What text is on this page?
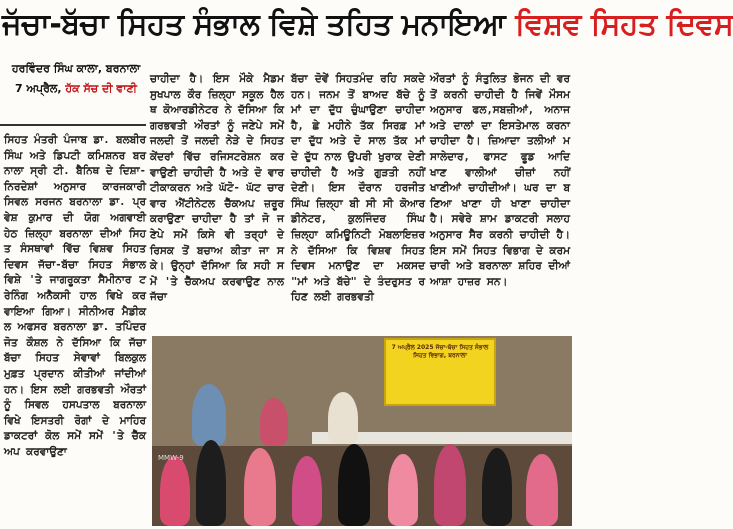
ਜੱਚਾ-ਬੱਚਾ ਸਿਹਤ ਸੰਭਾਲ ਵਿਸ਼ੇ ਤਹਿਤ ਮਨਾਇਆ ਵਿਸ਼ਵ ਸਿਹਤ ਦਿਵਸ
ਹਰਵਿੰਦਰ ਸਿੰਘ ਕਾਲਾ, ਬਰਨਾਲਾ
7 ਅਪ੍ਰੈਲ, ਹੱਕ ਸੱਚ ਦੀ ਵਾਣੀ

ਸਿਹਤ ਮੰਤਰੀ ਪੰਜਾਬ ਡਾ. ਬਲਬੀਰ ਸਿੰਘ ਅਤੇ ਡਿਪਟੀ ਕਮਿਸ਼ਨਰ ਬਰਨਾਲਾ ਸ੍ਰੀ ਟੀ. ਬੈਨਿਥ ਦੇ ਦਿਸ਼ਾ- ਨਿਰਦੇਸ਼ਾਂ ਅਨੁਸਾਰ ਕਾਰਜਕਾਰੀ ਸਿਵਲ ਸਰਜਨ ਬਰਨਾਲਾ ਡਾ. ਪ੍ਰਵੇਸ਼ ਕੁਮਾਰ ਦੀ ਯੋਗ ਅਗਵਾਈ ਹੇਠ ਜ਼ਿਲ੍ਹਾ ਬਰਨਾਲਾ ਦੀਆਂ ਸਿਹਤ ਸੰਸਥਾਵਾਂ ਵਿੱਚ ਵਿਸ਼ਵ ਸਿਹਤ ਦਿਵਸ ਜੱਚਾ-ਬੱਚਾ ਸਿਹਤ ਸੰਭਾਲ ਵਿਸ਼ੇ 'ਤੇ ਜਾਗਰੂਕਤਾ ਸੈਮੀਨਾਰ ਟਰੇਨਿੰਗ ਅਨੈਕਸੀ ਹਾਲ ਵਿਖੇ ਕਰਵਾਇਆ ਗਿਆ। ਸੀਨੀਅਰ ਮੈਡੀਕਲ ਅਫਸਰ ਬਰਨਾਲਾ ਡਾ. ਤਪਿੰਦਰਜੋਤ ਕੌਸ਼ਲ ਨੇ ਦੱਸਿਆ ਕਿ ਜੱਚਾ ਬੱਚਾ ਸਿਹਤ ਸੇਵਾਵਾਂ ਬਿਲਕੁਲ ਮੁਫ਼ਤ ਪ੍ਰਦਾਨ ਕੀਤੀਆਂ ਜਾਂਦੀਆਂ ਹਨ। ਇਸ ਲਈ ਗਰਭਵਤੀ ਔਰਤਾਂ ਨੂੰ ਸਿਵਲ ਹਸਪਤਾਲ ਬਰਨਾਲਾ ਵਿਖੇ ਇਸਤਰੀ ਰੋਗਾਂ ਦੇ ਮਾਹਿਰ ਡਾਕਟਰਾਂ ਕੋਲ ਸਮੇਂ ਸਮੇਂ 'ਤੇ ਚੈੱਕਅਪ ਕਰਵਾਉਣਾ

ਚਾਹੀਦਾ ਹੈ। ਇਸ ਮੌਕੇ ਮੈਡਮ ਸੁਖਪਾਲ ਕੌਰ ਜ਼ਿਲ੍ਹਾ ਸਕੂਲ ਹੈਲਥ ਕੋਆਰਡੀਨੇਟਰ ਨੇ ਦੱਸਿਆ ਕਿ ਗਰਭਵਤੀ ਔਰਤਾਂ ਨੂੰ ਜਣੇਪੇ ਸਮੇਂ ਜਲਦੀ ਤੋਂ ਜਲਦੀ ਨੇੜੇ ਦੇ ਸਿਹਤ ਕੇਂਦਰਾਂ ਵਿੱਚ ਰਜਿਸਟਰੇਸ਼ਨ ਕਰਵਾਉਣੀ ਚਾਹੀਦੀ ਹੈ ਅਤੇ ਦੋ ਵਾਰ ਟੀਕਾਕਰਨ ਅਤੇ ਘੱਟੋ- ਘੱਟ ਚਾਰ ਵਾਰ ਐਂਟੀਨੇਟਲ ਚੈੱਕਅਪ ਜ਼ਰੂਰ ਕਰਾਉਣਾ ਚਾਹੀਦਾ ਹੈ ਤਾਂ ਜੋ ਜਣੇਪੇ ਸਮੇਂ ਕਿਸੇ ਵੀ ਤਰ੍ਹਾਂ ਦੇ ਰਿਸਕ ਤੋਂ ਬਚਾਅ ਕੀਤਾ ਜਾ ਸਕੇ। ਉਨ੍ਹਾਂ ਦੱਸਿਆ ਕਿ ਸਹੀ ਸਮੇਂ 'ਤੇ ਚੈੱਕਅਪ ਕਰਵਾਉਣ ਨਾਲ ਜੱਚਾ

ਬੱਚਾ ਦੋਵੇਂ ਸਿਹਤਮੰਦ ਰਹਿ ਸਕਦੇ ਹਨ। ਜਨਮ ਤੋਂ ਬਾਅਦ ਬੱਚੇ ਨੂੰ ਮਾਂ ਦਾ ਦੁੱਧ ਚੁੰਘਾਉਣਾ ਚਾਹੀਦਾ ਹੈ, ਛੇ ਮਹੀਨੇ ਤੱਕ ਸਿਰਫ਼ ਮਾਂ ਦਾ ਦੁੱਧ ਅਤੇ ਦੋ ਸਾਲ ਤੱਕ ਮਾਂ ਦੇ ਦੁੱਧ ਨਾਲ ਉਪਰੀ ਖੁਰਾਕ ਦੇਣੀ ਚਾਹੀਦੀ ਹੈ ਅਤੇ ਗੁੜਤੀ ਨਹੀਂ ਦੇਣੀ। ਇਸ ਦੌਰਾਨ ਹਰਜੀਤ ਸਿੰਘ ਜ਼ਿਲ੍ਹਾ ਬੀ ਸੀ ਸੀ ਕੋਆਰਡੀਨੇਟਰ, ਕੁਲਜਿੰਦਰ ਸਿੰਘ ਜ਼ਿਲ੍ਹਾ ਕਮਿਊਨਿਟੀ ਮੋਬਲਾਇਜ਼ਰ ਨੇ ਦੱਸਿਆ ਕਿ ਵਿਸ਼ਵ ਸਿਹਤ ਦਿਵਸ ਮਨਾਉਣ ਦਾ ਮਕਸਦ "ਮਾਂ ਅਤੇ ਬੱਚੇ" ਦੇ ਤੰਦਰੁਸਤ ਰਹਿਣ ਲਈ ਗਰਭਵਤੀ

ਔਰਤਾਂ ਨੂੰ ਸੰਤੁਲਿਤ ਭੋਜਨ ਦੀ ਵਰਤੋਂ ਕਰਨੀ ਚਾਹੀਦੀ ਹੈ ਜਿਵੇਂ ਮੌਸਮ ਅਨੁਸਾਰ ਫਲ,ਸਬਜ਼ੀਆਂ, ਅਨਾਜ ਅਤੇ ਦਾਲਾਂ ਦਾ ਇਸਤੇਮਾਲ ਕਰਨਾ ਚਾਹੀਦਾ ਹੈ। ਜ਼ਿਆਦਾ ਤਲੀਆਂ ਮਸਾਲੇਦਾਰ, ਫਾਸਟ ਫੂਡ ਆਦਿ ਖਾਣ ਵਾਲੀਆਂ ਚੀਜ਼ਾਂ ਨਹੀਂ ਖਾਣੀਆਂ ਚਾਹੀਦੀਆਂ। ਘਰ ਦਾ ਬਣਿਆ ਖਾਣਾ ਹੀ ਖਾਣਾ ਚਾਹੀਦਾ ਹੈ। ਸਵੇਰੇ ਸ਼ਾਮ ਡਾਕਟਰੀ ਸਲਾਹ ਅਨੁਸਾਰ ਸੈਰ ਕਰਨੀ ਚਾਹੀਦੀ ਹੈ। ਇਸ ਸਮੇਂ ਸਿਹਤ ਵਿਭਾਗ ਦੇ ਕਰਮਚਾਰੀ ਅਤੇ ਬਰਨਾਲਾ ਸ਼ਹਿਰ ਦੀਆਂ ਆਸ਼ਾ ਹਾਜ਼ਰ ਸਨ।

7 ਅਪ੍ਰੈਲ 2025 ਜੱਚਾ-ਬੱਚਾ ਸਿਹਤ ਸੰਭਾਲ ਸਿਹਤ ਵਿਭਾਗ, ਬਰਨਾਲਾ
MMW-9
